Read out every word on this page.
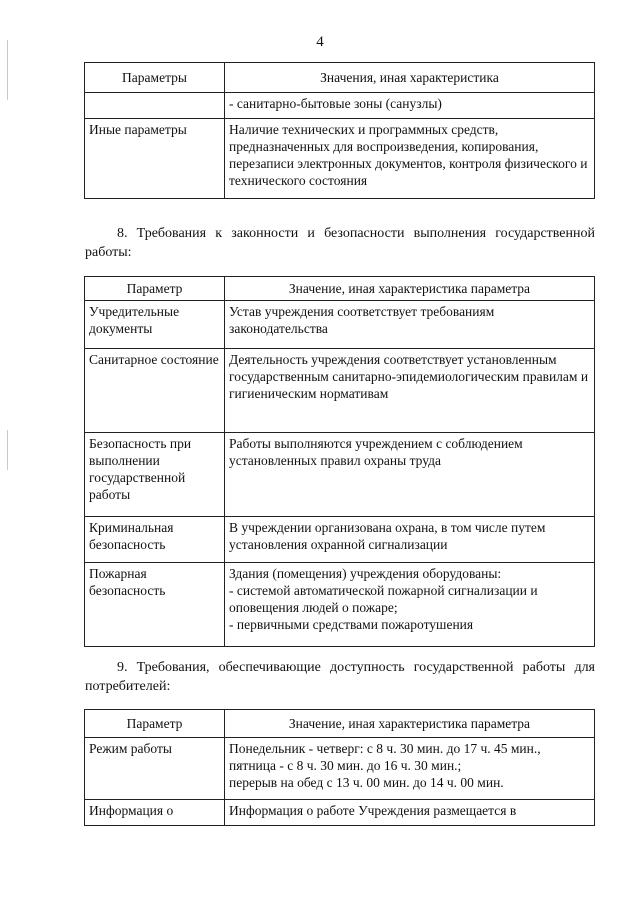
4
Параметры	Значения, иная характеристика
	- санитарно-бытовые зоны (санузлы)
Иные параметры	Наличие технических и программных средств, предназначенных для воспроизведения, копирования, перезаписи электронных документов, контроля физического и технического состояния
8. Требования к законности и безопасности выполнения государственной работы:
Параметр	Значение, иная характеристика параметра
Учредительные документы	Устав учреждения соответствует требованиям законодательства
Санитарное состояние	Деятельность учреждения соответствует установленным государственным санитарно-эпидемиологическим правилам и гигиеническим нормативам
Безопасность при выполнении государственной работы	Работы выполняются учреждением с соблюдением установленных правил охраны труда
Криминальная безопасность	В учреждении организована охрана, в том числе путем установления охранной сигнализации
Пожарная безопасность	Здания (помещения) учреждения оборудованы:
- системой автоматической пожарной сигнализации и оповещения людей о пожаре;
- первичными средствами пожаротушения
9. Требования, обеспечивающие доступность государственной работы для потребителей:
Параметр	Значение, иная характеристика параметра
Режим работы	Понедельник - четверг: с 8 ч. 30 мин. до 17 ч. 45 мин.,
пятница - с 8 ч. 30 мин. до 16 ч. 30 мин.;
перерыв на обед с 13 ч. 00 мин. до 14 ч. 00 мин.
Информация о	Информация о работе Учреждения размещается в
